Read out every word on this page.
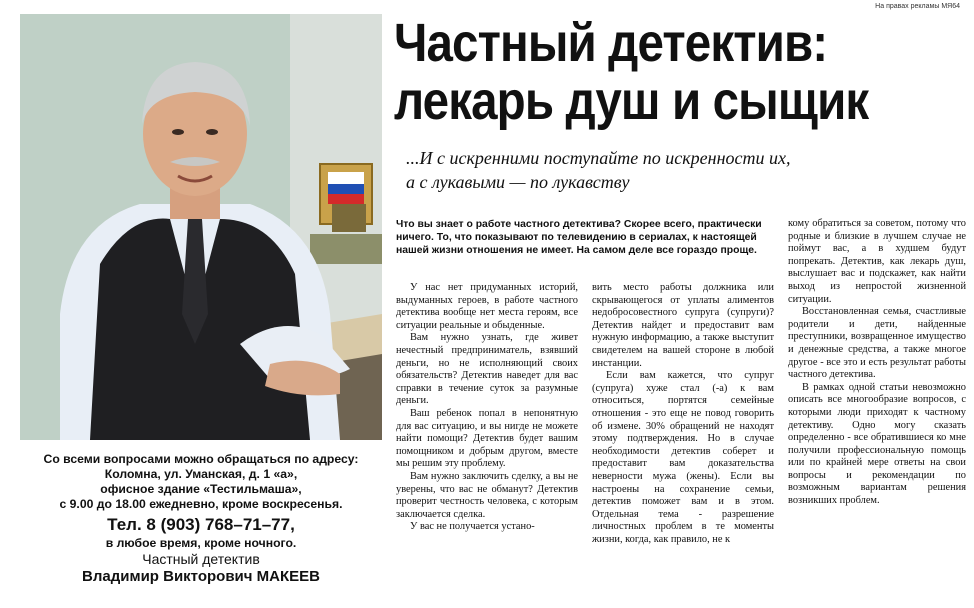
На правах рекламы МЯ64
Со всеми вопросами можно обращаться по адресу:
Коломна, ул. Уманская, д. 1 «а»,
офисное здание «Тестильмаша»,
с 9.00 до 18.00 ежедневно, кроме воскресенья.
Тел. 8 (903) 768–71–77,
в любое время, кроме ночного.
Частный детектив
Владимир Викторович МАКЕЕВ
Частный детектив:
лекарь душ и сыщик
...И с искренними поступайте по искренности их,
а с лукавыми — по лукавству
Что вы знает о работе частного детектива? Скорее всего, практически ничего. То, что показывают по телевидению в сериалах, к настоящей нашей жизни отношения не имеет. На самом деле все гораздо проще.

У нас нет придуманных историй, выдуманных героев, в работе частного детектива вообще нет места героям, все ситуации реальные и обыденные.

Вам нужно узнать, где живет нечестный предприниматель, взявший деньги, но не исполняющий своих обязательств? Детектив наведет для вас справки в течение суток за разумные деньги.

Ваш ребенок попал в непонятную для вас ситуацию, и вы нигде не можете найти помощи? Детектив будет вашим помощником и добрым другом, вместе мы решим эту проблему.

Вам нужно заключить сделку, а вы не уверены, что вас не обманут? Детектив проверит честность человека, с которым заключается сделка.

У вас не получается устано-

вить место работы должника или скрывающегося от уплаты алиментов недобросовестного супруга (супруги)? Детектив найдет и предоставит вам нужную информацию, а также выступит свидетелем на вашей стороне в любой инстанции.

Если вам кажется, что супруг (супруга) хуже стал (-а) к вам относиться, портятся семейные отношения - это еще не повод говорить об измене. 30% обращений не находят этому подтверждения. Но в случае необходимости детектив соберет и предоставит вам доказательства неверности мужа (жены). Если вы настроены на сохранение семьи, детектив поможет вам и в этом. Отдельная тема - разрешение личностных проблем в те моменты жизни, когда, как правило, не к

кому обратиться за советом, потому что родные и близкие в лучшем случае не поймут вас, а в худшем будут попрекать. Детектив, как лекарь душ, выслушает вас и подскажет, как найти выход из непростой жизненной ситуации.

Восстановленная семья, счастливые родители и дети, найденные преступники, возвращенное имущество и денежные средства, а также многое другое - все это и есть результат работы частного детектива.

В рамках одной статьи невозможно описать все многообразие вопросов, с которыми люди приходят к частному детективу. Одно могу сказать определенно - все обратившиеся ко мне получили профессиональную помощь или по крайней мере ответы на свои вопросы и рекомендации по возможным вариантам решения возникших проблем.
